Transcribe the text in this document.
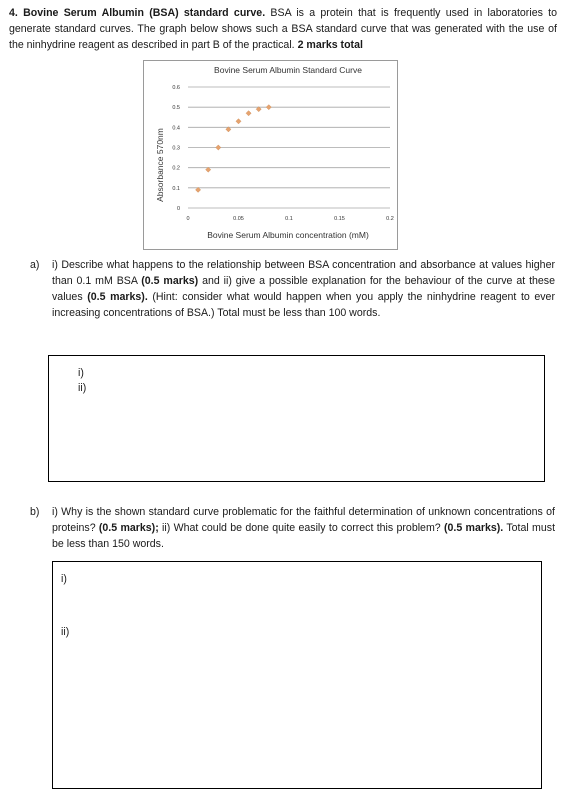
4. Bovine Serum Albumin (BSA) standard curve. BSA is a protein that is frequently used in laboratories to generate standard curves. The graph below shows such a BSA standard curve that was generated with the use of the ninhydrine reagent as described in part B of the practical. 2 marks total

Bovine Serum Albumin Standard Curve
Bovine Serum Albumin concentration (mM)
Absorbance 570nm
0
0.1
0.2
0.3
0.4
0.5
0.6
0	0.05	0.1	0.15	0.2
a) i) Describe what happens to the relationship between BSA concentration and absorbance at values higher than 0.1 mM BSA (0.5 marks) and ii) give a possible explanation for the behaviour of the curve at these values (0.5 marks). (Hint: consider what would happen when you apply the ninhydrine reagent to ever increasing concentrations of BSA.) Total must be less than 100 words.

i)
ii)
b) i) Why is the shown standard curve problematic for the faithful determination of unknown concentrations of proteins? (0.5 marks); ii) What could be done quite easily to correct this problem? (0.5 marks). Total must be less than 150 words.

i)
ii)
